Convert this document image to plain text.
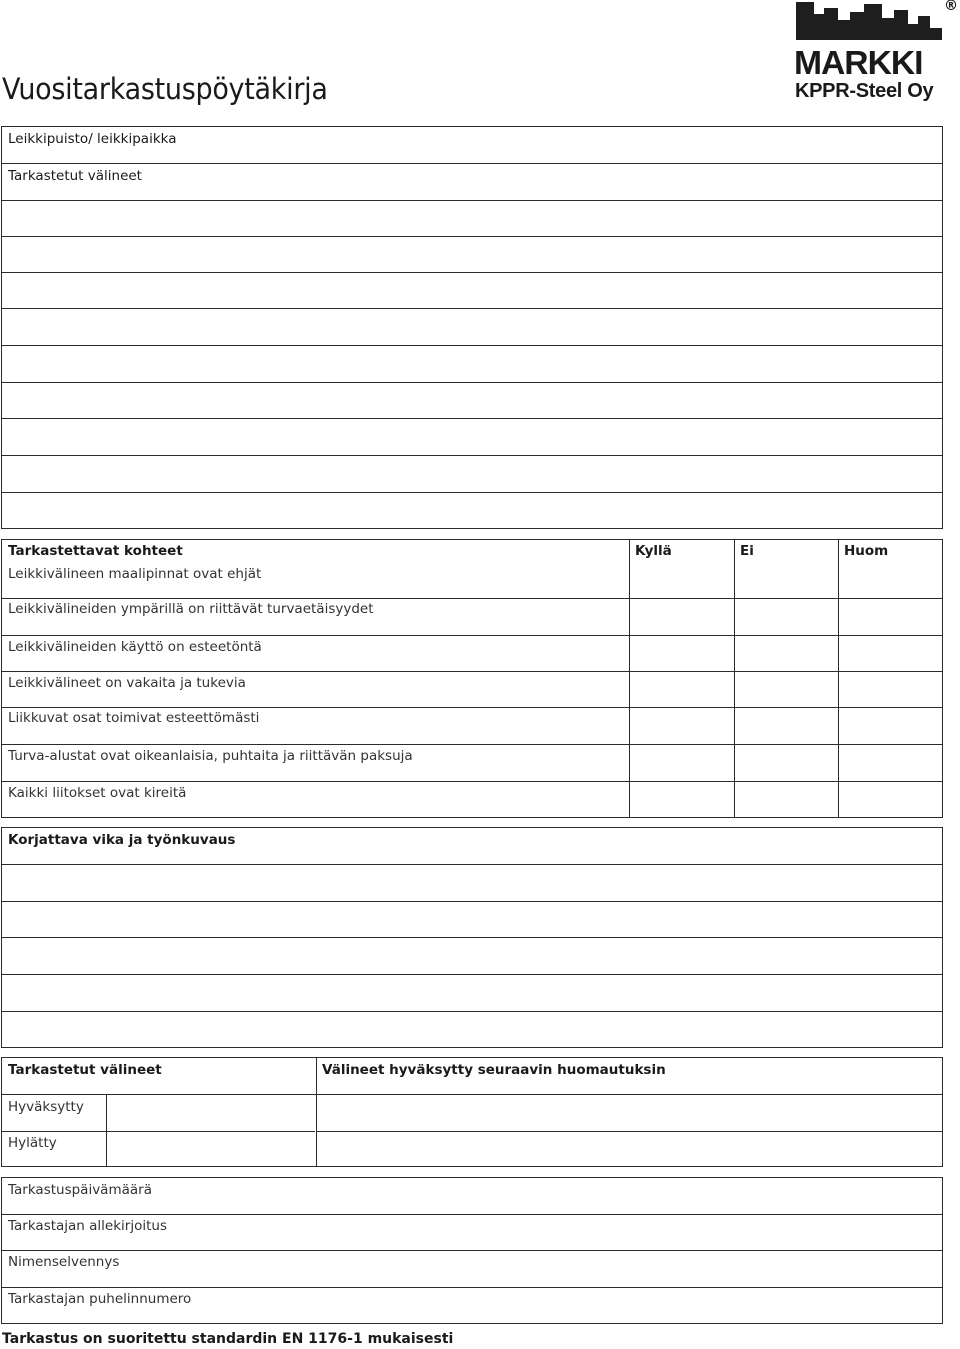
®
MARKKI
KPPR-Steel Oy
Vuositarkastuspöytäkirja
Leikkipuisto/ leikkipaikka
Tarkastetut välineet
Tarkastettavat kohteet	Kyllä	Ei	Huom
Leikkivälineen maalipinnat ovat ehjät
Leikkivälineiden ympärillä on riittävät turvaetäisyydet
Leikkivälineiden käyttö on esteetöntä
Leikkivälineet on vakaita ja tukevia
Liikkuvat osat toimivat esteettömästi
Turva-alustat ovat oikeanlaisia, puhtaita ja riittävän paksuja
Kaikki liitokset ovat kireitä
Korjattava vika ja työnkuvaus
Tarkastetut välineet	Välineet hyväksytty seuraavin huomautuksin
Hyväksytty
Hylätty
Tarkastuspäivämäärä
Tarkastajan allekirjoitus
Nimenselvennys
Tarkastajan puhelinnumero
Tarkastus on suoritettu standardin EN 1176-1 mukaisesti
